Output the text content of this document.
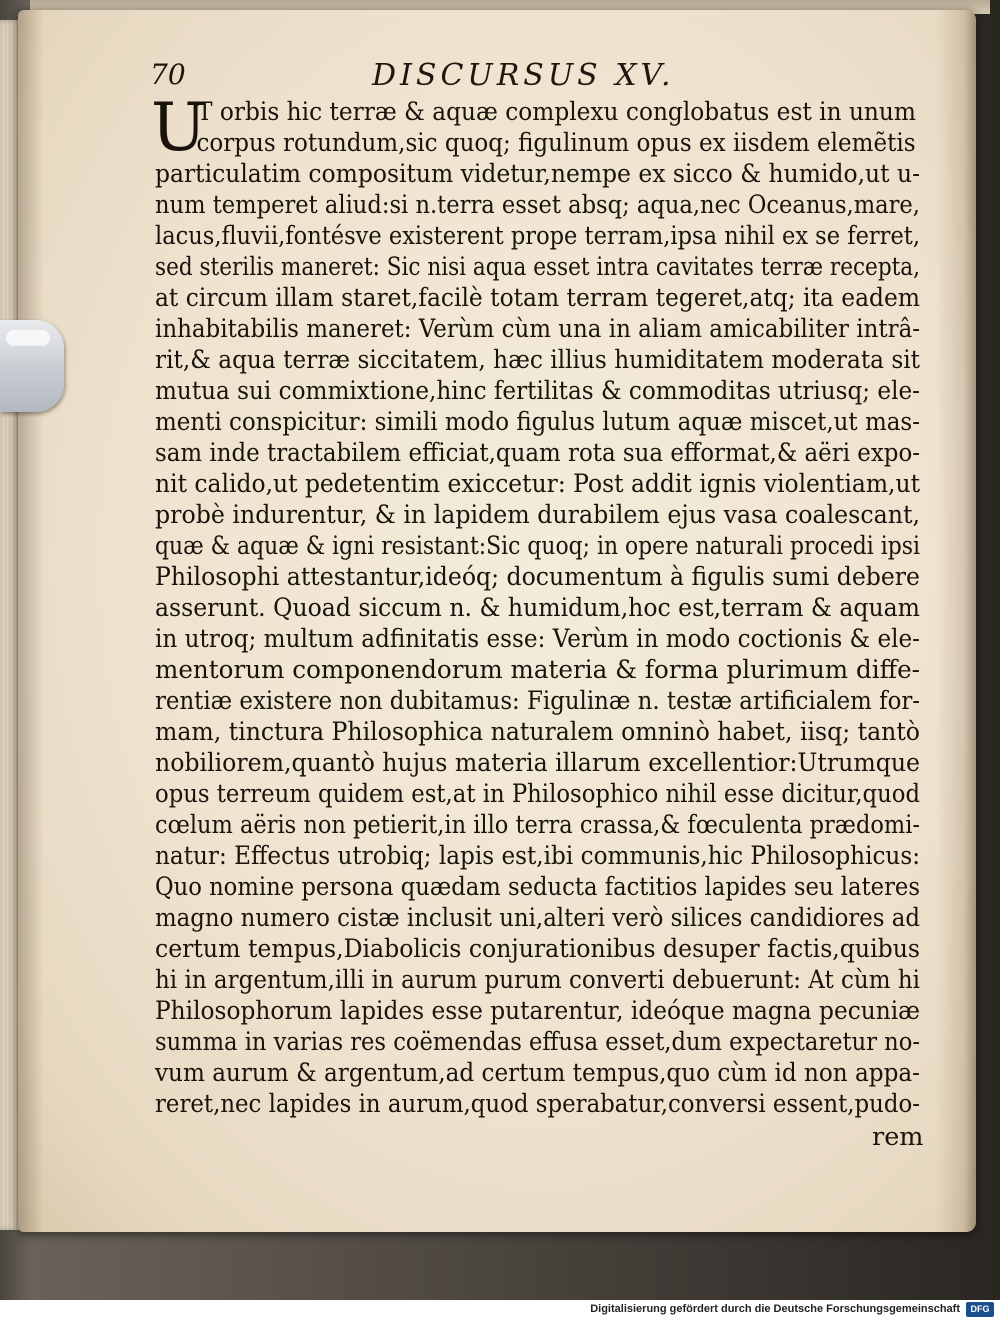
70	DISCURSUS XV.
U
T orbis hic terræ & aquæ complexu conglobatus est in unum
corpus rotundum,sic quoq; figulinum opus ex iisdem elemẽtis
particulatim compositum videtur,nempe ex sicco & humido,ut u-
num temperet aliud:si n.terra esset absq; aqua,nec Oceanus,mare,
lacus,fluvii,fontésve existerent prope terram,ipsa nihil ex se ferret,
sed sterilis maneret: Sic nisi aqua esset intra cavitates terræ recepta,
at circum illam staret,facilè totam terram tegeret,atq; ita eadem
inhabitabilis maneret: Verùm cùm una in aliam amicabiliter intrâ-
rit,& aqua terræ siccitatem, hæc illius humiditatem moderata sit
mutua sui commixtione,hinc fertilitas & commoditas utriusq; ele-
menti conspicitur: simili modo figulus lutum aquæ miscet,ut mas-
sam inde tractabilem efficiat,quam rota sua efformat,& aëri expo-
nit calido,ut pedetentim exiccetur: Post addit ignis violentiam,ut
probè indurentur, & in lapidem durabilem ejus vasa coalescant,
quæ & aquæ & igni resistant:Sic quoq; in opere naturali procedi ipsi
Philosophi attestantur,ideóq; documentum à figulis sumi debere
asserunt. Quoad siccum n. & humidum,hoc est,terram & aquam
in utroq; multum adfinitatis esse: Verùm in modo coctionis & ele-
mentorum componendorum materia & forma plurimum diffe-
rentiæ existere non dubitamus: Figulinæ n. testæ artificialem for-
mam, tinctura Philosophica naturalem omninò habet, iisq; tantò
nobiliorem,quantò hujus materia illarum excellentior:Utrumque
opus terreum quidem est,at in Philosophico nihil esse dicitur,quod
cœlum aëris non petierit,in illo terra crassa,& fœculenta prædomi-
natur: Effectus utrobiq; lapis est,ibi communis,hic Philosophicus:
Quo nomine persona quædam seducta factitios lapides seu lateres
magno numero cistæ inclusit uni,alteri verò silices candidiores ad
certum tempus,Diabolicis conjurationibus desuper factis,quibus
hi in argentum,illi in aurum purum converti debuerunt: At cùm hi
Philosophorum lapides esse putarentur, ideóque magna pecuniæ
summa in varias res coëmendas effusa esset,dum expectaretur no-
vum aurum & argentum,ad certum tempus,quo cùm id non appa-
reret,nec lapides in aurum,quod sperabatur,conversi essent,pudo-
rem
Digitalisierung gefördert durch die Deutsche Forschungsgemeinschaft	DFG
